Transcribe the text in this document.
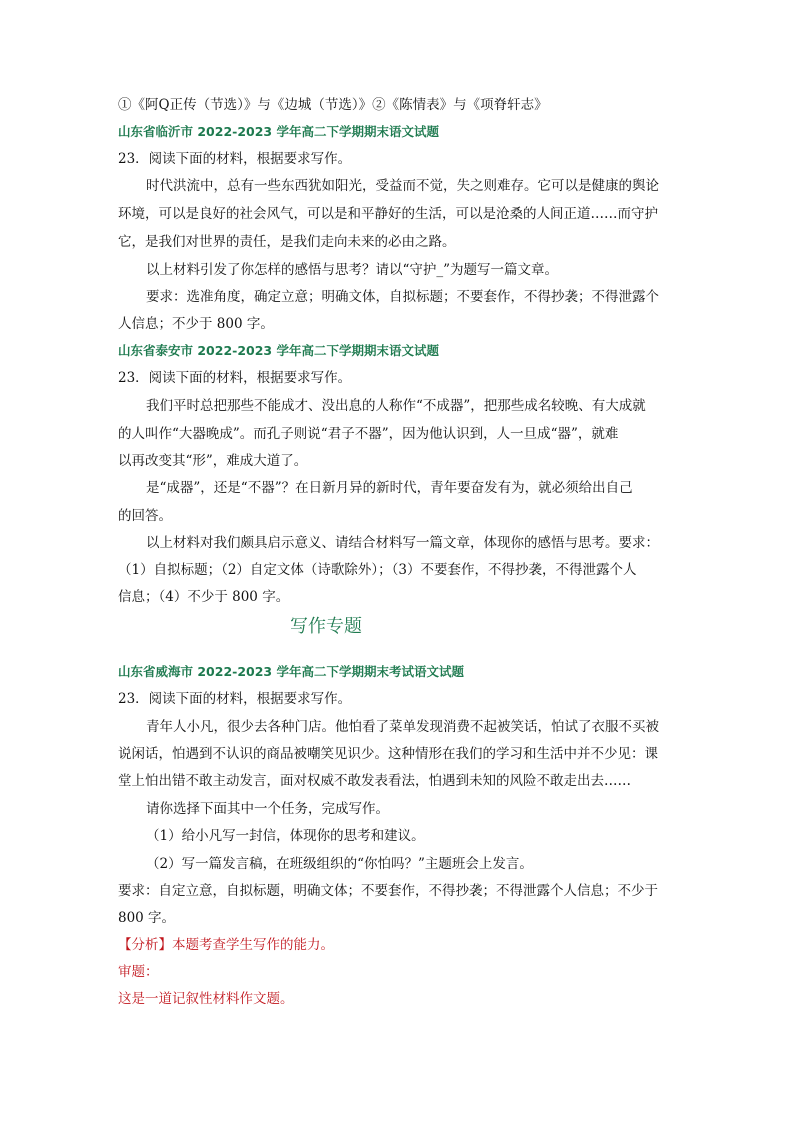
①《阿Q正传（节选）》与《边城（节选）》②《陈情表》与《项脊轩志》
山东省临沂市 2022-2023 学年高二下学期期末语文试题
23．阅读下面的材料，根据要求写作。
时代洪流中，总有一些东西犹如阳光，受益而不觉，失之则难存。它可以是健康的舆论
环境，可以是良好的社会风气，可以是和平静好的生活，可以是沧桑的人间正道……而守护
它，是我们对世界的责任，是我们走向未来的必由之路。
以上材料引发了你怎样的感悟与思考？请以“守护_”为题写一篇文章。
要求：选准角度，确定立意；明确文体，自拟标题；不要套作，不得抄袭；不得泄露个
人信息；不少于 800 字。
山东省泰安市 2022-2023 学年高二下学期期末语文试题
23．阅读下面的材料，根据要求写作。
我们平时总把那些不能成才、没出息的人称作“不成器”，把那些成名较晚、有大成就
的人叫作“大器晚成”。而孔子则说“君子不器”，因为他认识到，人一旦成“器”，就难
以再改变其“形”，难成大道了。
是“成器”，还是“不器”？在日新月异的新时代，青年要奋发有为，就必须给出自己
的回答。
以上材料对我们颇具启示意义、请结合材料写一篇文章，体现你的感悟与思考。要求：
（1）自拟标题；（2）自定文体（诗歌除外）；（3）不要套作，不得抄袭，不得泄露个人
信息；（4）不少于 800 字。
写作专题
山东省威海市 2022-2023 学年高二下学期期末考试语文试题
23．阅读下面的材料，根据要求写作。
青年人小凡，很少去各种门店。他怕看了菜单发现消费不起被笑话，怕试了衣服不买被
说闲话，怕遇到不认识的商品被嘲笑见识少。这种情形在我们的学习和生活中并不少见：课
堂上怕出错不敢主动发言，面对权威不敢发表看法，怕遇到未知的风险不敢走出去……
请你选择下面其中一个任务，完成写作。
（1）给小凡写一封信，体现你的思考和建议。
（2）写一篇发言稿，在班级组织的“你怕吗？”主题班会上发言。
要求：自定立意，自拟标题，明确文体；不要套作，不得抄袭；不得泄露个人信息；不少于
800 字。
【分析】本题考查学生写作的能力。
审题：
这是一道记叙性材料作文题。
